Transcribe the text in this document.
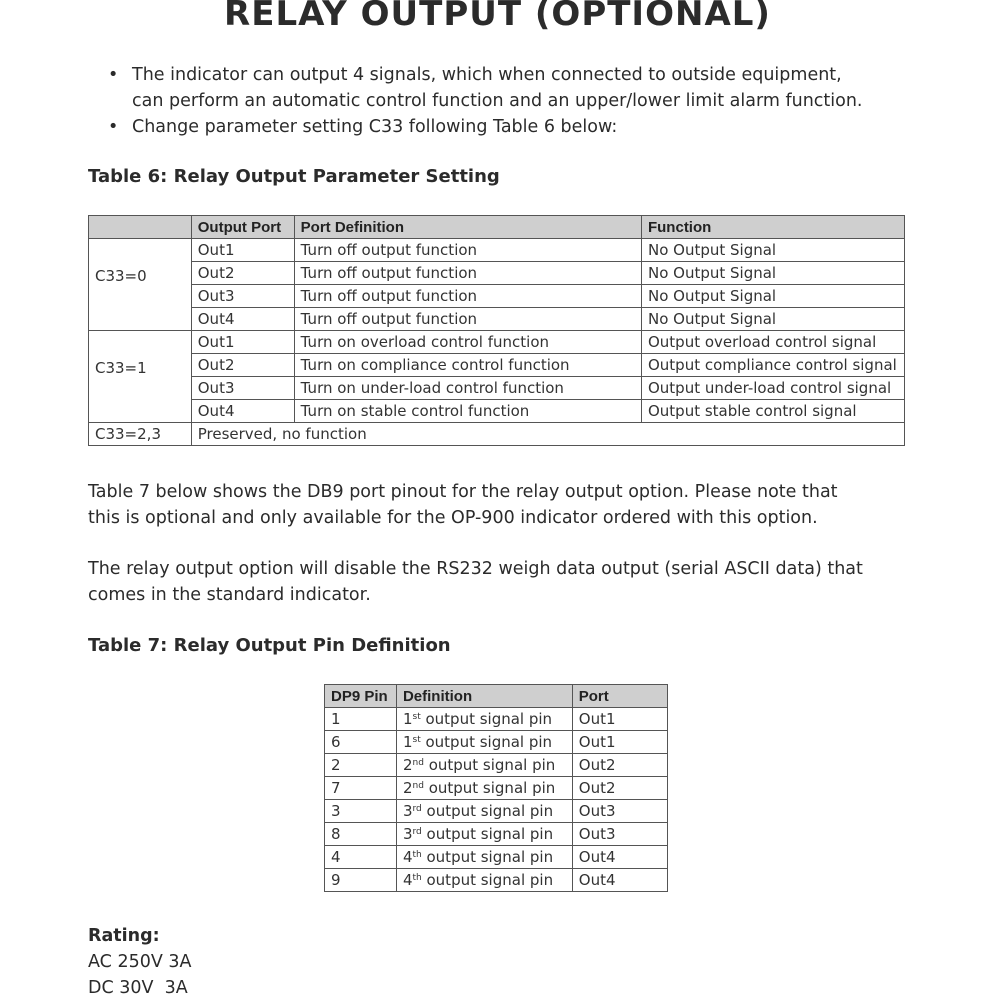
RELAY OUTPUT (OPTIONAL)
• The indicator can output 4 signals, which when connected to outside equipment,
can perform an automatic control function and an upper/lower limit alarm function.
• Change parameter setting C33 following Table 6 below:

Table 6: Relay Output Parameter Setting

	Output Port	Port Definition	Function
C33=0	Out1	Turn off output function	No Output Signal
	Out2	Turn off output function	No Output Signal
	Out3	Turn off output function	No Output Signal
	Out4	Turn off output function	No Output Signal
C33=1	Out1	Turn on overload control function	Output overload control signal
	Out2	Turn on compliance control function	Output compliance control signal
	Out3	Turn on under-load control function	Output under-load control signal
	Out4	Turn on stable control function	Output stable control signal
C33=2,3	Preserved, no function		

Table 7 below shows the DB9 port pinout for the relay output option. Please note that
this is optional and only available for the OP-900 indicator ordered with this option.

The relay output option will disable the RS232 weigh data output (serial ASCII data) that
comes in the standard indicator.

Table 7: Relay Output Pin Definition

DP9 Pin	Definition	Port
1	1st output signal pin	Out1
6	1st output signal pin	Out1
2	2nd output signal pin	Out2
7	2nd output signal pin	Out2
3	3rd output signal pin	Out3
8	3rd output signal pin	Out3
4	4th output signal pin	Out4
9	4th output signal pin	Out4
Rating:
AC 250V 3A
DC 30V  3A
